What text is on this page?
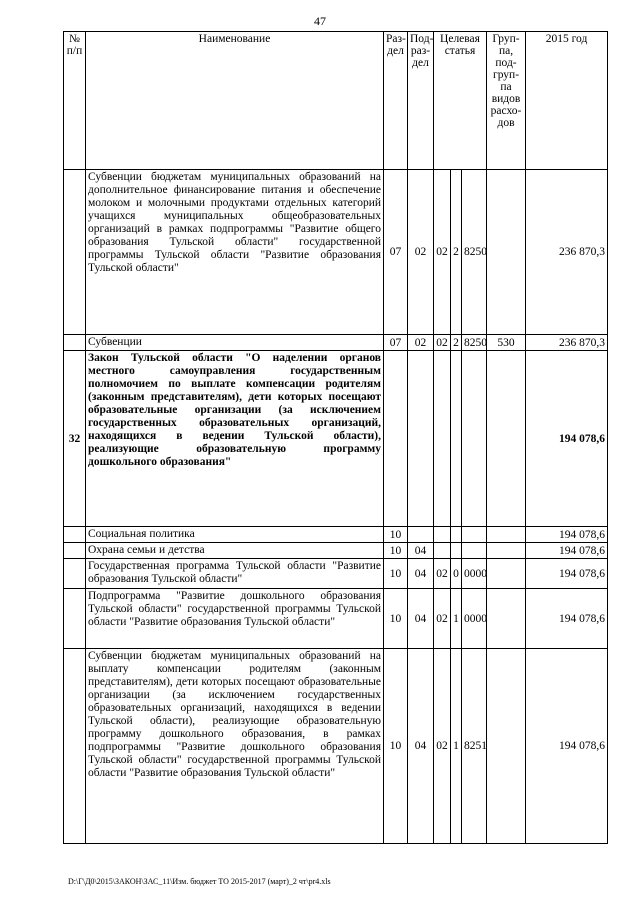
47
№ п/п	Наименование	Раз-дел	Под-раз-дел	Целевая статья			Груп-па, под-груп-па видов расхо-дов	2015 год
	Субвенции бюджетам муниципальных образований на дополнительное финансирование питания и обеспечение молоком и молочными продуктами отдельных категорий учащихся муниципальных общеобразовательных организаций в рамках подпрограммы "Развитие общего образования Тульской области" государственной программы Тульской области "Развитие образования Тульской области"	07	02	02	2	8250		236 870,3
	Субвенции	07	02	02	2	8250	530	236 870,3
32	Закон Тульской области "О наделении органов местного самоуправления государственным полномочием по выплате компенсации родителям (законным представителям), дети которых посещают образовательные организации (за исключением государственных образовательных организаций, находящихся в ведении Тульской области), реализующие образовательную программу дошкольного образования"							194 078,6
	Социальная политика	10						194 078,6
	Охрана семьи и детства	10	04					194 078,6
	Государственная программа Тульской области "Развитие образования Тульской области"	10	04	02	0	0000		194 078,6
	Подпрограмма "Развитие дошкольного образования Тульской области" государственной программы Тульской области "Развитие образования Тульской области"	10	04	02	1	0000		194 078,6
	Субвенции бюджетам муниципальных образований на выплату компенсации родителям (законным представителям), дети которых посещают образовательные организации (за исключением государственных образовательных организаций, находящихся в ведении Тульской области), реализующие образовательную программу дошкольного образования, в рамках подпрограммы "Развитие дошкольного образования Тульской области" государственной программы Тульской области "Развитие образования Тульской области"	10	04	02	1	8251		194 078,6
D:\Г\Д0\2015\ЗАКОН\ЗАС_11\Изм. бюджет ТО 2015-2017 (март)_2 чт\pr4.xls
